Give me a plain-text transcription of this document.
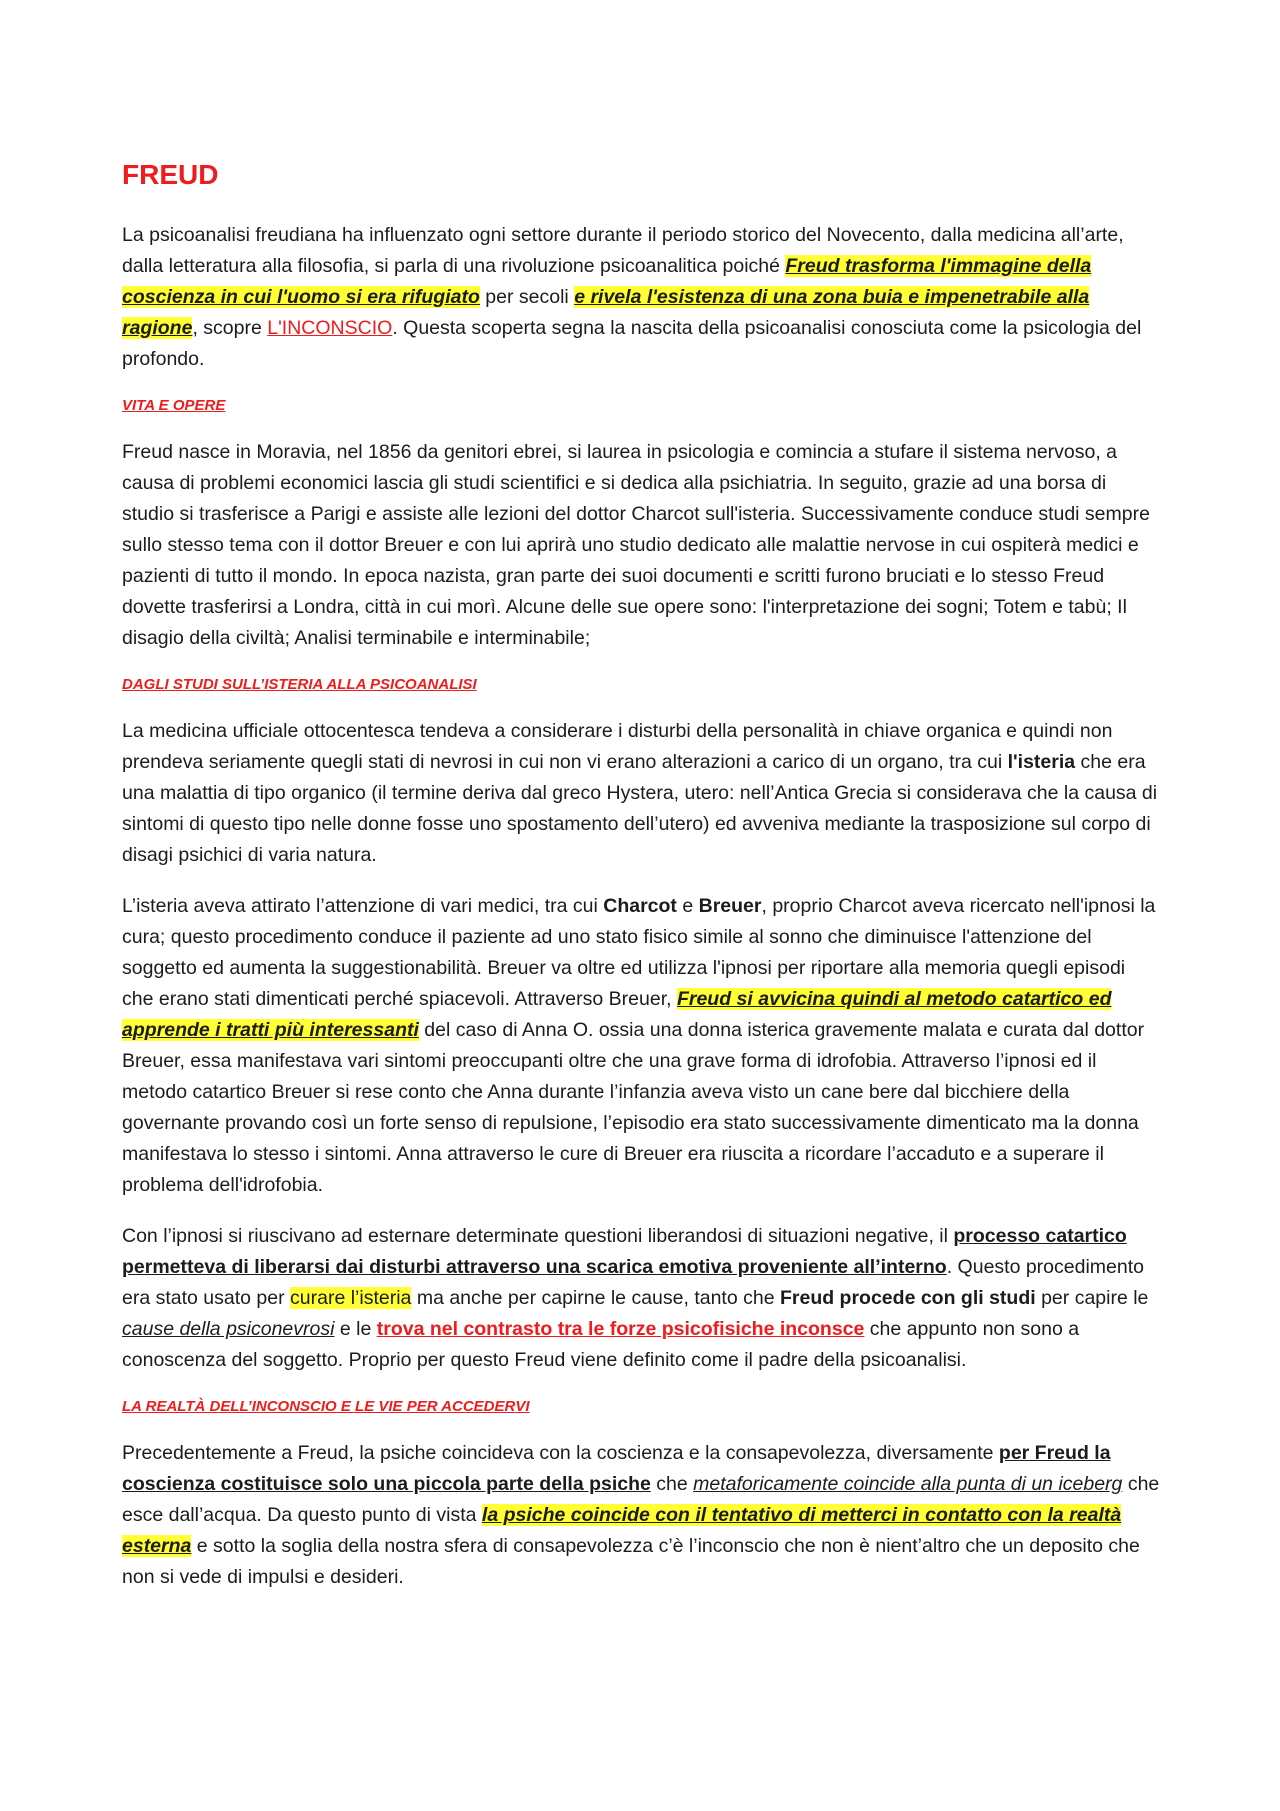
FREUD

La psicoanalisi freudiana ha influenzato ogni settore durante il periodo storico del Novecento, dalla medicina all’arte, dalla letteratura alla filosofia, si parla di una rivoluzione psicoanalitica poiché Freud trasforma l'immagine della coscienza in cui l'uomo si era rifugiato per secoli e rivela l'esistenza di una zona buia e impenetrabile alla ragione, scopre L'INCONSCIO. Questa scoperta segna la nascita della psicoanalisi conosciuta come la psicologia del profondo.

VITA E OPERE

Freud nasce in Moravia, nel 1856 da genitori ebrei, si laurea in psicologia e comincia a stufare il sistema nervoso, a causa di problemi economici lascia gli studi scientifici e si dedica alla psichiatria. In seguito, grazie ad una borsa di studio si trasferisce a Parigi e assiste alle lezioni del dottor Charcot sull'isteria. Successivamente conduce studi sempre sullo stesso tema con il dottor Breuer e con lui aprirà uno studio dedicato alle malattie nervose in cui ospiterà medici e pazienti di tutto il mondo. In epoca nazista, gran parte dei suoi documenti e scritti furono bruciati e lo stesso Freud dovette trasferirsi a Londra, città in cui morì. Alcune delle sue opere sono: l'interpretazione dei sogni; Totem e tabù; Il disagio della civiltà; Analisi terminabile e interminabile;

DAGLI STUDI SULL’ISTERIA ALLA PSICOANALISI

La medicina ufficiale ottocentesca tendeva a considerare i disturbi della personalità in chiave organica e quindi non prendeva seriamente quegli stati di nevrosi in cui non vi erano alterazioni a carico di un organo, tra cui l'isteria che era una malattia di tipo organico (il termine deriva dal greco Hystera, utero: nell’Antica Grecia si considerava che la causa di sintomi di questo tipo nelle donne fosse uno spostamento dell’utero) ed avveniva mediante la trasposizione sul corpo di disagi psichici di varia natura.

L’isteria aveva attirato l’attenzione di vari medici, tra cui Charcot e Breuer, proprio Charcot aveva ricercato nell'ipnosi la cura; questo procedimento conduce il paziente ad uno stato fisico simile al sonno che diminuisce l'attenzione del soggetto ed aumenta la suggestionabilità. Breuer va oltre ed utilizza l'ipnosi per riportare alla memoria quegli episodi che erano stati dimenticati perché spiacevoli. Attraverso Breuer, Freud si avvicina quindi al metodo catartico ed apprende i tratti più interessanti del caso di Anna O. ossia una donna isterica gravemente malata e curata dal dottor Breuer, essa manifestava vari sintomi preoccupanti oltre che una grave forma di idrofobia. Attraverso l’ipnosi ed il metodo catartico Breuer si rese conto che Anna durante l’infanzia aveva visto un cane bere dal bicchiere della governante provando così un forte senso di repulsione, l’episodio era stato successivamente dimenticato ma la donna manifestava lo stesso i sintomi. Anna attraverso le cure di Breuer era riuscita a ricordare l’accaduto e a superare il problema dell'idrofobia.

Con l’ipnosi si riuscivano ad esternare determinate questioni liberandosi di situazioni negative, il processo catartico permetteva di liberarsi dai disturbi attraverso una scarica emotiva proveniente all’interno. Questo procedimento era stato usato per curare l’isteria ma anche per capirne le cause, tanto che Freud procede con gli studi per capire le cause della psiconevrosi e le trova nel contrasto tra le forze psicofisiche inconsce che appunto non sono a conoscenza del soggetto. Proprio per questo Freud viene definito come il padre della psicoanalisi.

LA REALTÀ DELL’INCONSCIO E LE VIE PER ACCEDERVI

Precedentemente a Freud, la psiche coincideva con la coscienza e la consapevolezza, diversamente per Freud la coscienza costituisce solo una piccola parte della psiche che metaforicamente coincide alla punta di un iceberg che esce dall’acqua. Da questo punto di vista la psiche coincide con il tentativo di metterci in contatto con la realtà esterna e sotto la soglia della nostra sfera di consapevolezza c’è l’inconscio che non è nient’altro che un deposito che non si vede di impulsi e desideri.
